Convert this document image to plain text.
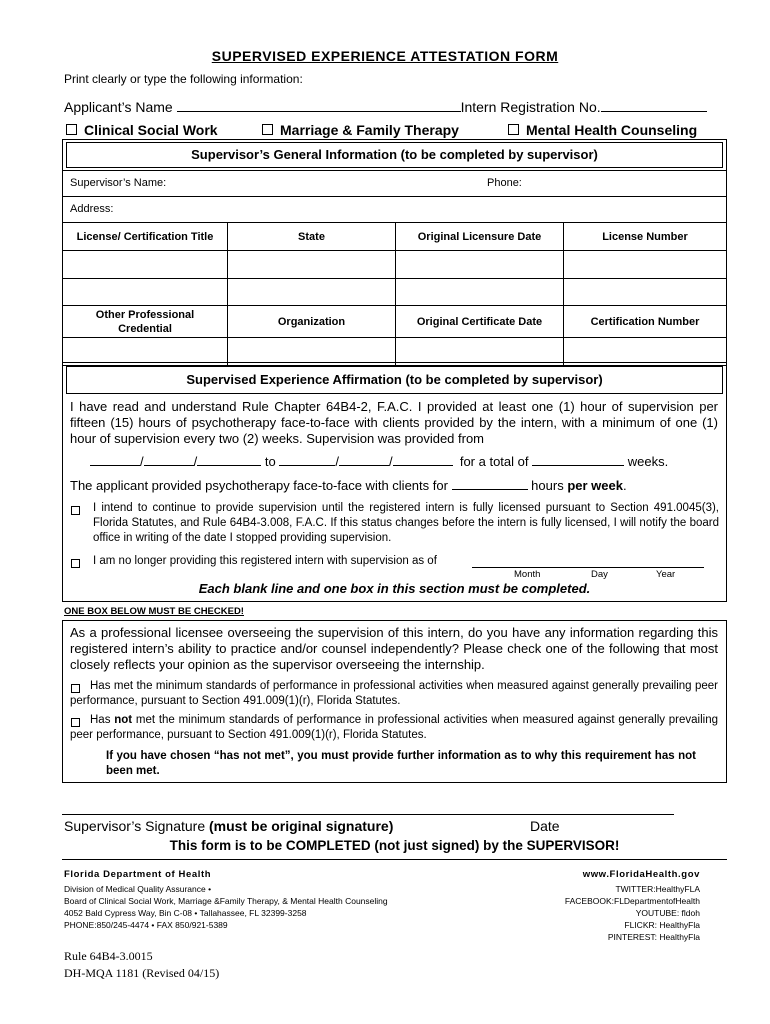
SUPERVISED EXPERIENCE ATTESTATION FORM
Print clearly or type the following information:
Applicant’s Name	Intern Registration No.
Clinical Social Work	Marriage & Family Therapy	Mental Health Counseling
Supervisor’s General Information (to be completed by supervisor)
Supervisor’s Name:	Phone:
Address:
License/ Certification Title	State	Original Licensure Date	License Number

Other Professional Credential	Organization	Original Certificate Date	Certification Number

Supervised Experience Affirmation (to be completed by supervisor)
I have read and understand Rule Chapter 64B4-2, F.A.C. I provided at least one (1) hour of supervision per fifteen (15) hours of psychotherapy face-to-face with clients provided by the intern, with a minimum of one (1) hour of supervision every two (2) weeks. Supervision was provided from
/	/	to	/	/	for a total of	weeks.
The applicant provided psychotherapy face-to-face with clients for	hours per week.
I intend to continue to provide supervision until the registered intern is fully licensed pursuant to Section 491.0045(3), Florida Statutes, and Rule 64B4-3.008, F.A.C. If this status changes before the intern is fully licensed, I will notify the board office in writing of the date I stopped providing supervision.
I am no longer providing this registered intern with supervision as of
Month	Day	Year
Each blank line and one box in this section must be completed.
ONE BOX BELOW MUST BE CHECKED!
As a professional licensee overseeing the supervision of this intern, do you have any information regarding this registered intern’s ability to practice and/or counsel independently? Please check one of the following that most closely reflects your opinion as the supervisor overseeing the internship.
Has met the minimum standards of performance in professional activities when measured against generally prevailing peer performance, pursuant to Section 491.009(1)(r), Florida Statutes.
Has not met the minimum standards of performance in professional activities when measured against generally prevailing peer performance, pursuant to Section 491.009(1)(r), Florida Statutes.
If you have chosen “has not met”, you must provide further information as to why this requirement has not been met.
Supervisor’s Signature (must be original signature)	Date
This form is to be COMPLETED (not just signed) by the SUPERVISOR!
Florida Department of Health
Division of Medical Quality Assurance •
Board of Clinical Social Work, Marriage &Family Therapy, & Mental Health Counseling
4052 Bald Cypress Way, Bin C-08 • Tallahassee, FL 32399-3258
PHONE:850/245-4474 • FAX 850/921-5389
www.FloridaHealth.gov
TWITTER:HealthyFLA
FACEBOOK:FLDepartmentofHealth
YOUTUBE: fldoh
FLICKR: HealthyFla
PINTEREST: HealthyFla
Rule 64B4-3.0015
DH-MQA 1181 (Revised 04/15)
